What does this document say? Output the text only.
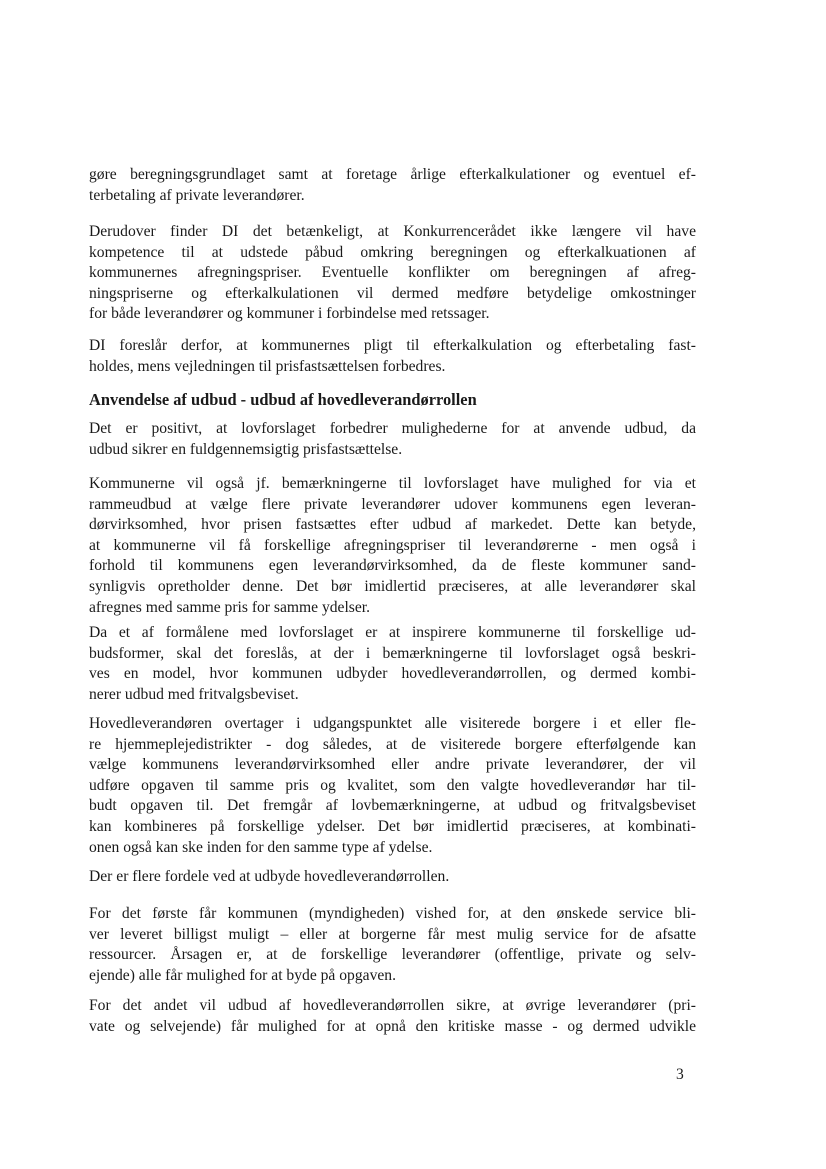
gøre beregningsgrundlaget samt at foretage årlige efterkalkulationer og eventuel ef-
terbetaling af private leverandører.
Derudover finder DI det betænkeligt, at Konkurrencerådet ikke længere vil have
kompetence til at udstede påbud omkring beregningen og efterkalkuationen af
kommunernes afregningspriser. Eventuelle konflikter om beregningen af afreg-
ningspriserne og efterkalkulationen vil dermed medføre betydelige omkostninger
for både leverandører og kommuner i forbindelse med retssager.
DI foreslår derfor, at kommunernes pligt til efterkalkulation og efterbetaling fast-
holdes, mens vejledningen til prisfastsættelsen forbedres.
Anvendelse af udbud - udbud af hovedleverandørrollen
Det er positivt, at lovforslaget forbedrer mulighederne for at anvende udbud, da
udbud sikrer en fuldgennemsigtig prisfastsættelse.
Kommunerne vil også jf. bemærkningerne til lovforslaget have mulighed for via et
rammeudbud at vælge flere private leverandører udover kommunens egen leveran-
dørvirksomhed, hvor prisen fastsættes efter udbud af markedet. Dette kan betyde,
at kommunerne vil få forskellige afregningspriser til leverandørerne - men også i
forhold til kommunens egen leverandørvirksomhed, da de fleste kommuner sand-
synligvis opretholder denne. Det bør imidlertid præciseres, at alle leverandører skal
afregnes med samme pris for samme ydelser.
Da et af formålene med lovforslaget er at inspirere kommunerne til forskellige ud-
budsformer, skal det foreslås, at der i bemærkningerne til lovforslaget også beskri-
ves en model, hvor kommunen udbyder hovedleverandørrollen, og dermed kombi-
nerer udbud med fritvalgsbeviset.
Hovedleverandøren overtager i udgangspunktet alle visiterede borgere i et eller fle-
re hjemmeplejedistrikter - dog således, at de visiterede borgere efterfølgende kan
vælge kommunens leverandørvirksomhed eller andre private leverandører, der vil
udføre opgaven til samme pris og kvalitet, som den valgte hovedleverandør har til-
budt opgaven til. Det fremgår af lovbemærkningerne, at udbud og fritvalgsbeviset
kan kombineres på forskellige ydelser. Det bør imidlertid præciseres, at kombinati-
onen også kan ske inden for den samme type af ydelse.
Der er flere fordele ved at udbyde hovedleverandørrollen.
For det første får kommunen (myndigheden) vished for, at den ønskede service bli-
ver leveret billigst muligt – eller at borgerne får mest mulig service for de afsatte
ressourcer. Årsagen er, at de forskellige leverandører (offentlige, private og selv-
ejende) alle får mulighed for at byde på opgaven.
For det andet vil udbud af hovedleverandørrollen sikre, at øvrige leverandører (pri-
vate og selvejende) får mulighed for at opnå den kritiske masse - og dermed udvikle
3
